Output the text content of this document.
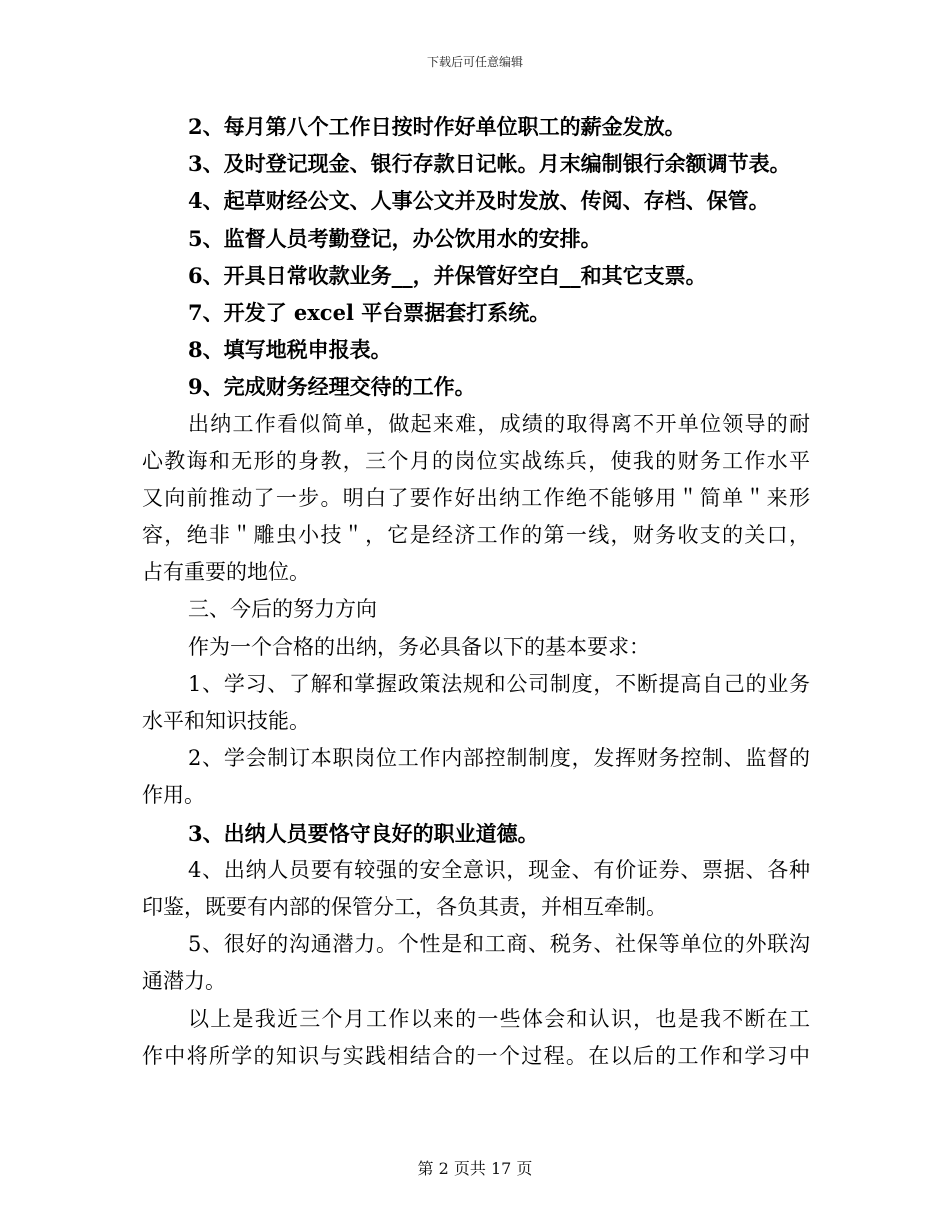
下载后可任意编辑
2、每月第八个工作日按时作好单位职工的薪金发放。
3、及时登记现金、银行存款日记帐。月末编制银行余额调节表。
4、起草财经公文、人事公文并及时发放、传阅、存档、保管。
5、监督人员考勤登记，办公饮用水的安排。
6、开具日常收款业务__，并保管好空白__和其它支票。
7、开发了 excel 平台票据套打系统。
8、填写地税申报表。
9、完成财务经理交待的工作。
出纳工作看似简单，做起来难，成绩的取得离不开单位领导的耐
心教诲和无形的身教，三个月的岗位实战练兵，使我的财务工作水平
又向前推动了一步。明白了要作好出纳工作绝不能够用＂简单＂来形
容，绝非＂雕虫小技＂，它是经济工作的第一线，财务收支的关口，
占有重要的地位。
三、今后的努力方向
作为一个合格的出纳，务必具备以下的基本要求：
1、学习、了解和掌握政策法规和公司制度，不断提高自己的业务
水平和知识技能。
2、学会制订本职岗位工作内部控制制度，发挥财务控制、监督的
作用。
3、出纳人员要恪守良好的职业道德。
4、出纳人员要有较强的安全意识，现金、有价证券、票据、各种
印鉴，既要有内部的保管分工，各负其责，并相互牵制。
5、很好的沟通潜力。个性是和工商、税务、社保等单位的外联沟
通潜力。
以上是我近三个月工作以来的一些体会和认识，也是我不断在工
作中将所学的知识与实践相结合的一个过程。在以后的工作和学习中
第 2 页共 17 页
